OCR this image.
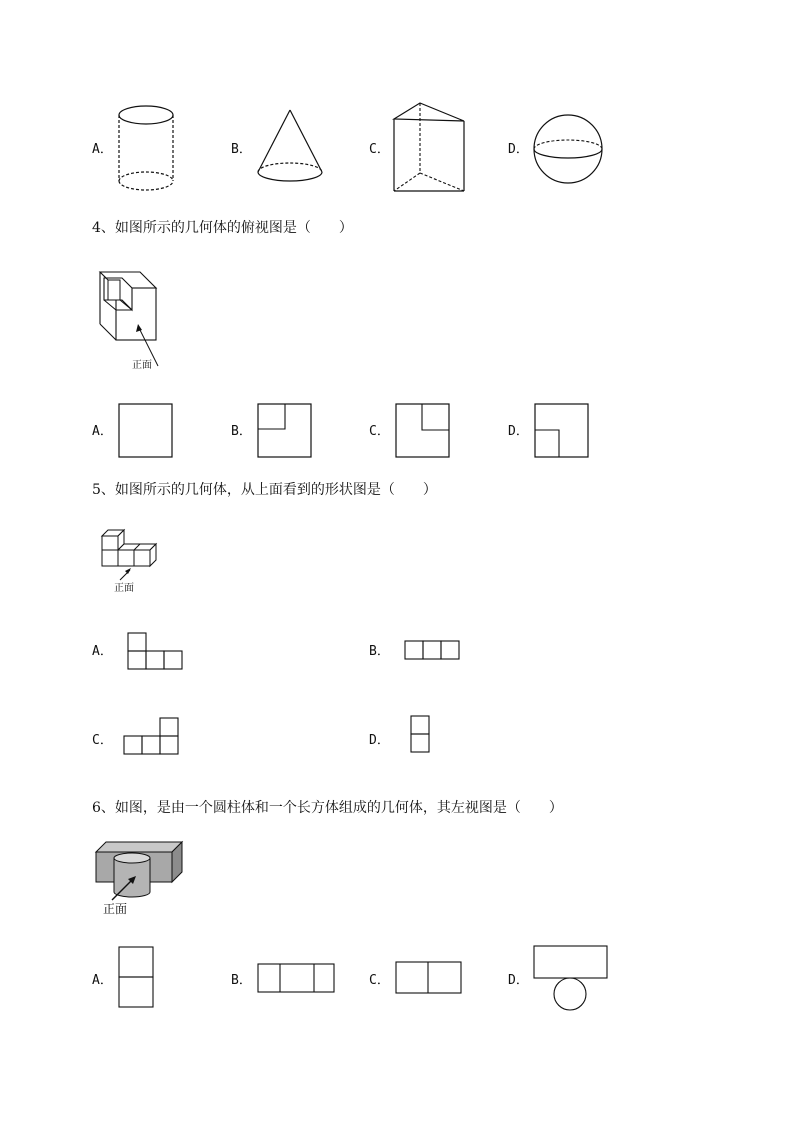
A．	B．	C．	D．
4、如图所示的几何体的俯视图是（　　）
正面
A．	B．	C．	D．
5、如图所示的几何体，从上面看到的形状图是（　　）
正面
A．	B．
C．	D．
6、如图，是由一个圆柱体和一个长方体组成的几何体，其左视图是（　　）
正面
A．	B．	C．	D．
